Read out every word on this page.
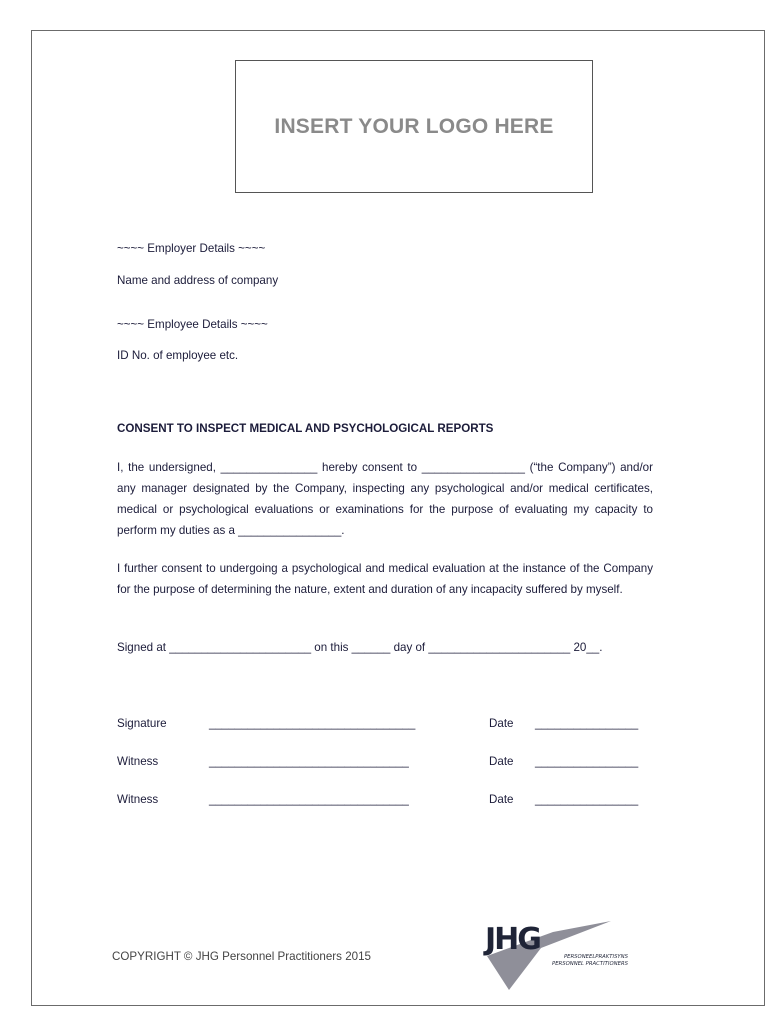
INSERT YOUR LOGO HERE
~~~~ Employer Details ~~~~
Name and address of company
~~~~ Employee Details ~~~~
ID No. of employee etc.
CONSENT TO INSPECT MEDICAL AND PSYCHOLOGICAL REPORTS
I, the undersigned, _______________ hereby consent to ________________ (“the Company”) and/or any manager designated by the Company, inspecting any psychological and/or medical certificates, medical or psychological evaluations or examinations for the purpose of evaluating my capacity to perform my duties as a ________________.
I further consent to undergoing a psychological and medical evaluation at the instance of the Company for the purpose of determining the nature, extent and duration of any incapacity suffered by myself.
Signed at ______________________ on this ______ day of ______________________ 20__.
Signature	________________________________	Date ________________
Witness	_______________________________	Date ________________
Witness	_______________________________	Date ________________
COPYRIGHT © JHG Personnel Practitioners 2015	JHG	PERSONEELPRAKTISYNS
PERSONNEL PRACTITIONERS
